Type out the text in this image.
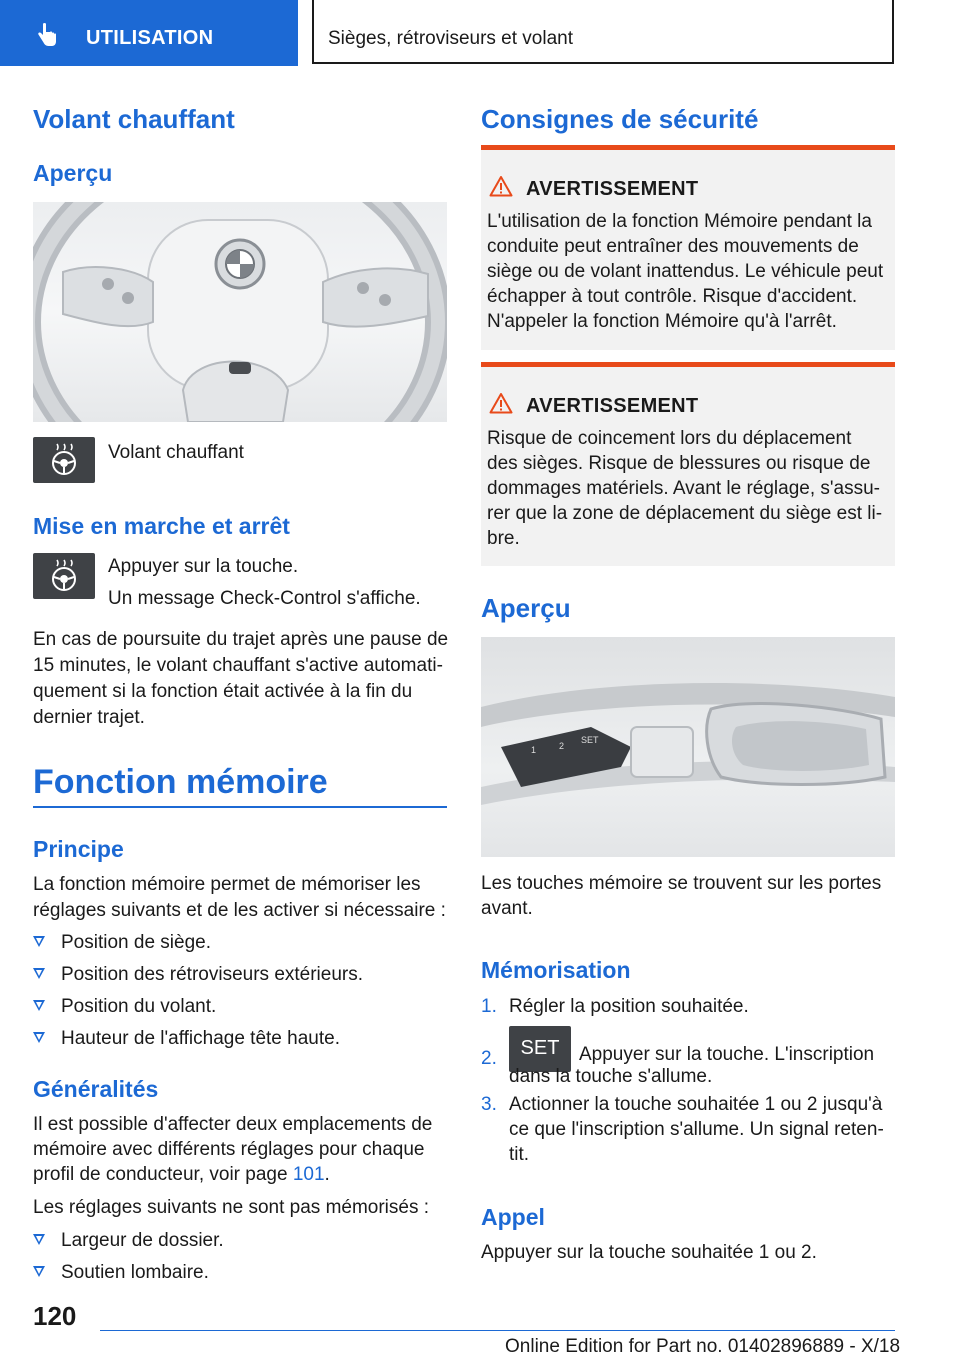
UTILISATION	Sièges, rétroviseurs et volant
Volant chauffant
Aperçu

Volant chauffant

Mise en marche et arrêt

Appuyer sur la touche.

Un message Check-Control s'affiche.

En cas de poursuite du trajet après une pause de

15 minutes, le volant chauffant s'active automati-

quement si la fonction était activée à la fin du

dernier trajet.

Fonction mémoire
Principe

La fonction mémoire permet de mémoriser les

réglages suivants et de les activer si nécessaire :

Position de siège.
Position des rétroviseurs extérieurs.
Position du volant.
Hauteur de l'affichage tête haute.
Généralités

Il est possible d'affecter deux emplacements de

mémoire avec différents réglages pour chaque

profil de conducteur, voir page 101.

Les réglages suivants ne sont pas mémorisés :

Largeur de dossier.
Soutien lombaire.
Consignes de sécurité
AVERTISSEMENT

L'utilisation de la fonction Mémoire pendant la

conduite peut entraîner des mouvements de

siège ou de volant inattendus. Le véhicule peut

échapper à tout contrôle. Risque d'accident.

N'appeler la fonction Mémoire qu'à l'arrêt.

AVERTISSEMENT

Risque de coincement lors du déplacement

des sièges. Risque de blessures ou risque de

dommages matériels. Avant le réglage, s'assu-

rer que la zone de déplacement du siège est li-

bre.

Aperçu
1	2
SET

Les touches mémoire se trouvent sur les portes

avant.

Mémorisation
1. Régler la position souhaitée.
2. SET Appuyer sur la touche. L'inscription
dans la touche s'allume.
3. Actionner la touche souhaitée 1 ou 2 jusqu'à
ce que l'inscription s'allume. Un signal reten-
tit.
Appel

Appuyer sur la touche souhaitée 1 ou 2.

120
Online Edition for Part no. 01402896889 - X/18
